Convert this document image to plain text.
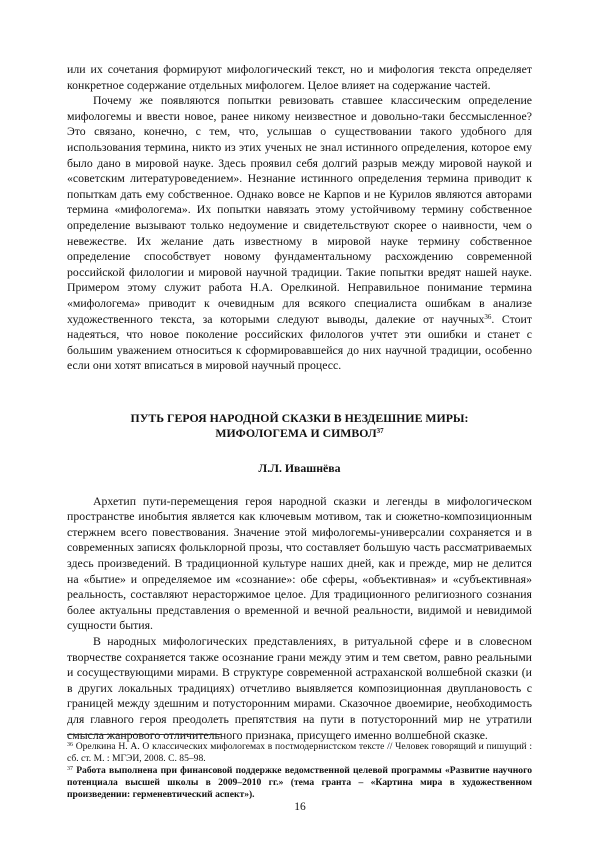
или их сочетания формируют мифологический текст, но и мифология текста определяет конкретное содержание отдельных мифологем. Целое влияет на содержание частей.

Почему же появляются попытки ревизовать ставшее классическим определение мифологемы и ввести новое, ранее никому неизвестное и довольно-таки бессмысленное? Это связано, конечно, с тем, что, услышав о существовании такого удобного для использования термина, никто из этих ученых не знал истинного определения, которое ему было дано в мировой науке. Здесь проявил себя долгий разрыв между мировой наукой и «советским литературоведением». Незнание истинного определения термина приводит к попыткам дать ему собственное. Однако вовсе не Карпов и не Курилов являются авторами термина «мифологема». Их попытки навязать этому устойчивому термину собственное определение вызывают только недоумение и свидетельствуют скорее о наивности, чем о невежестве. Их желание дать известному в мировой науке термину собственное определение способствует новому фундаментальному расхождению современной российской филологии и мировой научной традиции. Такие попытки вредят нашей науке. Примером этому служит работа Н.А. Орелкиной. Неправильное понимание термина «мифологема» приводит к очевидным для всякого специалиста ошибкам в анализе художественного текста, за которыми следуют выводы, далекие от научных$^{36}$. Стоит надеяться, что новое поколение российских филологов учтет эти ошибки и станет с большим уважением относиться к сформировавшейся до них научной традиции, особенно если они хотят вписаться в мировой научный процесс.

ПУТЬ ГЕРОЯ НАРОДНОЙ СКАЗКИ В НЕЗДЕШНИЕ МИРЫ:
МИФОЛОГЕМА И СИМВОЛ$^{37}$
Л.Л. Ивашнёва

Архетип пути-перемещения героя народной сказки и легенды в мифологическом пространстве инобытия является как ключевым мотивом, так и сюжетно-композиционным стержнем всего повествования. Значение этой мифологемы-универсалии сохраняется и в современных записях фольклорной прозы, что составляет большую часть рассматриваемых здесь произведений. В традиционной культуре наших дней, как и прежде, мир не делится на «бытие» и определяемое им «сознание»: обе сферы, «объективная» и «субъективная» реальность, составляют нерасторжимое целое. Для традиционного религиозного сознания более актуальны представления о временной и вечной реальности, видимой и невидимой сущности бытия.

В народных мифологических представлениях, в ритуальной сфере и в словесном творчестве сохраняется также осознание грани между этим и тем светом, равно реальными и сосуществующими мирами. В структуре современной астраханской волшебной сказки (и в других локальных традициях) отчетливо выявляется композиционная двуплановость с границей между здешним и потусторонним мирами. Сказочное двоемирие, необходимость для главного героя преодолеть препятствия на пути в потусторонний мир не утратили смысла жанрового отличительного признака, присущего именно волшебной сказке.

$^{36}$ Орелкина Н. А. О классических мифологемах в постмодернистском тексте // Человек говорящий и пишущий : сб. ст. М. : МГЭИ, 2008. С. 85–98.

$^{37}$ Работа выполнена при финансовой поддержке ведомственной целевой программы «Развитие научного потенциала высшей школы в 2009–2010 гг.» (тема гранта – «Картина мира в художественном произведении: герменевтический аспект»).

16
